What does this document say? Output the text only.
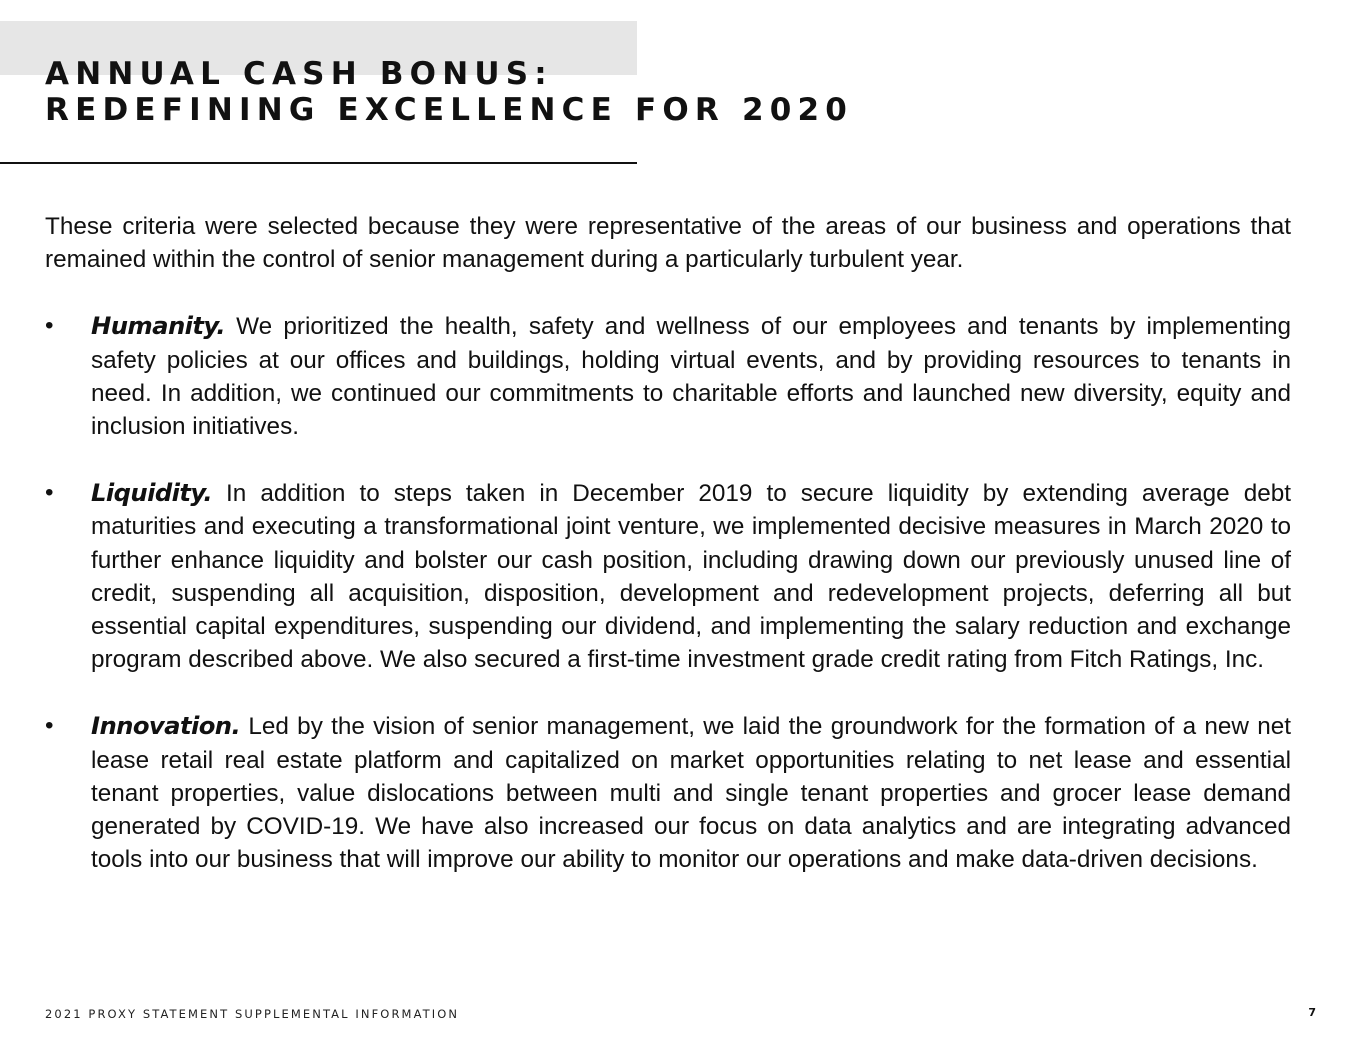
ANNUAL CASH BONUS:
REDEFINING EXCELLENCE FOR 2020

These criteria were selected because they were representative of the areas of our business and operations that remained within the control of senior management during a particularly turbulent year.

•	Humanity. We prioritized the health, safety and wellness of our employees and tenants by implementing safety policies at our offices and buildings, holding virtual events, and by providing resources to tenants in need. In addition, we continued our commitments to charitable efforts and launched new diversity, equity and inclusion initiatives.
•	Liquidity. In addition to steps taken in December 2019 to secure liquidity by extending average debt maturities and executing a transformational joint venture, we implemented decisive measures in March 2020 to further enhance liquidity and bolster our cash position, including drawing down our previously unused line of credit, suspending all acquisition, disposition, development and redevelopment projects, deferring all but essential capital expenditures, suspending our dividend, and implementing the salary reduction and exchange program described above. We also secured a first-time investment grade credit rating from Fitch Ratings, Inc.
•	Innovation. Led by the vision of senior management, we laid the groundwork for the formation of a new net lease retail real estate platform and capitalized on market opportunities relating to net lease and essential tenant properties, value dislocations between multi and single tenant properties and grocer lease demand generated by COVID-19. We have also increased our focus on data analytics and are integrating advanced tools into our business that will improve our ability to monitor our operations and make data-driven decisions.
2021 PROXY STATEMENT SUPPLEMENTAL INFORMATION	7
